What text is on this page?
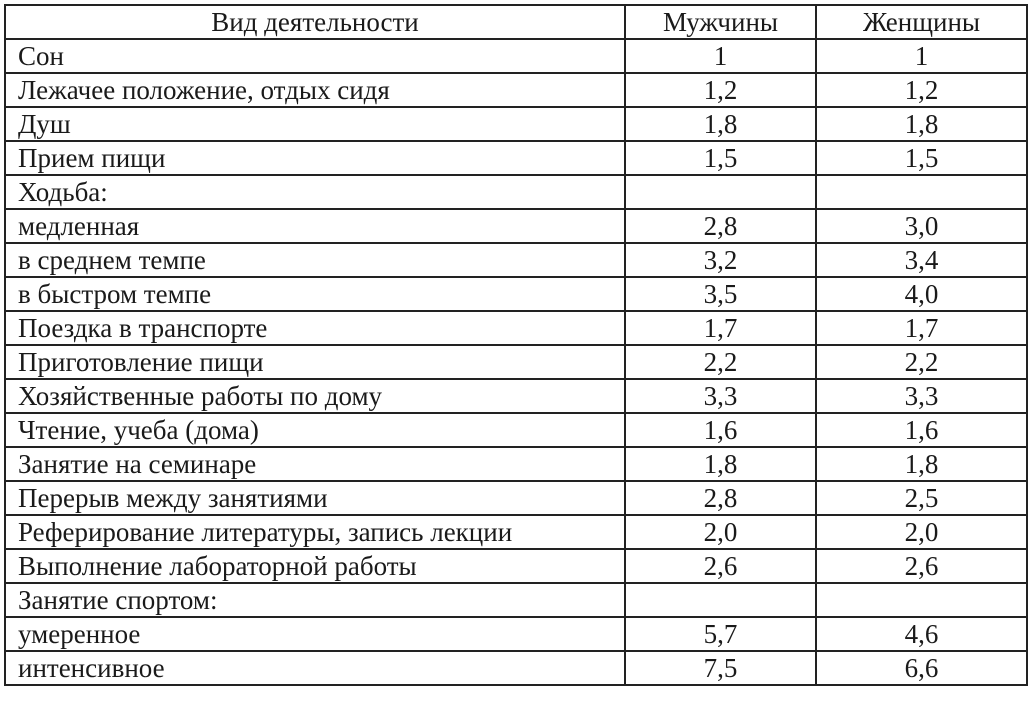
Вид деятельности	Мужчины	Женщины
Сон	1	1
Лежачее положение, отдых сидя	1,2	1,2
Душ	1,8	1,8
Прием пищи	1,5	1,5
Ходьба:		
медленная	2,8	3,0
в среднем темпе	3,2	3,4
в быстром темпе	3,5	4,0
Поездка в транспорте	1,7	1,7
Приготовление пищи	2,2	2,2
Хозяйственные работы по дому	3,3	3,3
Чтение, учеба (дома)	1,6	1,6
Занятие на семинаре	1,8	1,8
Перерыв между занятиями	2,8	2,5
Реферирование литературы, запись лекции	2,0	2,0
Выполнение лабораторной работы	2,6	2,6
Занятие спортом:		
умеренное	5,7	4,6
интенсивное	7,5	6,6
